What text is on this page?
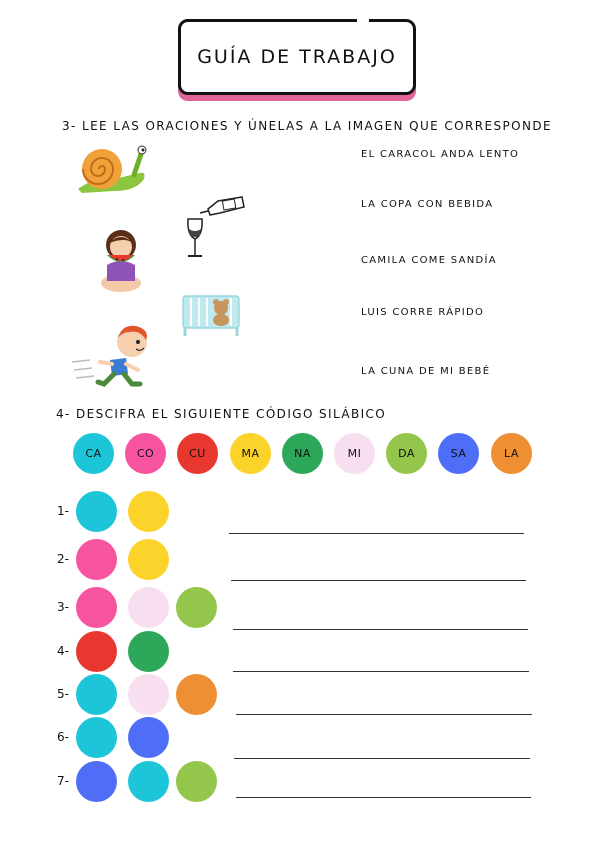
GUÍA DE TRABAJO
3- LEE LAS ORACIONES Y ÚNELAS A LA IMAGEN QUE CORRESPONDE
EL CARACOL ANDA LENTO
LA COPA CON BEBIDA
CAMILA COME SANDÍA
LUIS CORRE RÁPIDO
LA CUNA DE MI BEBÉ
4- DESCIFRA EL SIGUIENTE CÓDIGO SILÁBICO
CA	CO	CU	MA	NA	MI	DA	SA	LA
1-
2-
3-
4-
5-
6-
7-
